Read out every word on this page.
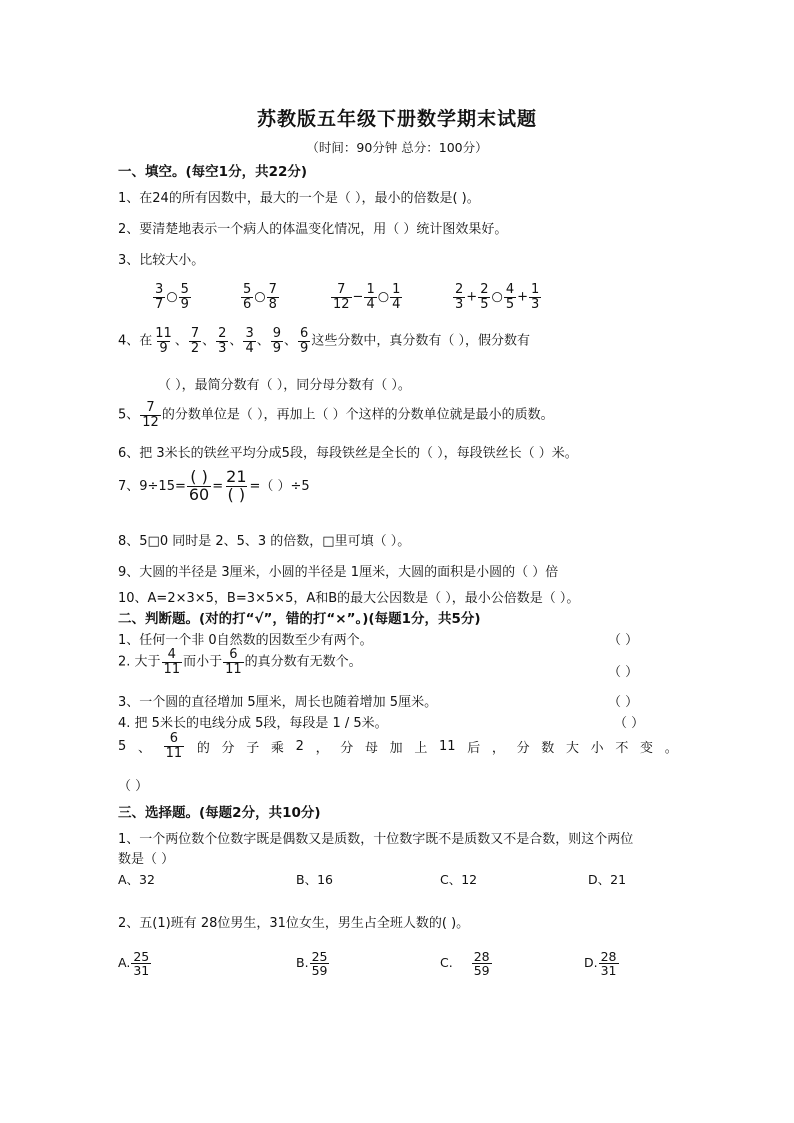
苏教版五年级下册数学期末试题
（时间：90分钟 总分：100分）
一、填空。(每空1分，共22分)
1、在24的所有因数中，最大的一个是（ ），最小的倍数是( )。
2、要清楚地表示一个病人的体温变化情况，用（ ）统计图效果好。
3、比较大小。
$\frac{3}{7}$ ○ $\frac{5}{9}$	$\frac{5}{6}$ ○ $\frac{7}{8}$	$\frac{7}{12} - \frac{1}{4}$ ○ $\frac{1}{4}$	$\frac{2}{3} + \frac{2}{5}$ ○ $\frac{4}{5} + \frac{1}{3}$
4、在 $\frac{11}{9}$ 、 $\frac{7}{2}$ 、 $\frac{2}{3}$ 、 $\frac{3}{4}$ 、 $\frac{9}{9}$ 、 $\frac{6}{9}$ 这些分数中，真分数有（ ），假分数有
（ ），最简分数有（ ），同分母分数有（ ）。
5、 $\frac{7}{12}$ 的分数单位是（ ），再加上（ ）个这样的分数单位就是最小的质数。
6、把 3米长的铁丝平均分成5段，每段铁丝是全长的（ ），每段铁丝长（ ）米。
7、$9\div 15= \frac{( )}{60} = \frac{21}{( )}$ =（ ）÷5
8、5□0 同时是 2、5、3 的倍数，□里可填（ ）。
9、大圆的半径是 3厘米，小圆的半径是 1厘米，大圆的面积是小圆的（ ）倍
10、A=2×3×5，B=3×5×5，A和B的最大公因数是（ ），最小公倍数是（ ）。
二、判断题。(对的打“√”，错的打“×”。)(每题1分，共5分)
1、任何一个非 0自然数的因数至少有两个。	（ ）
2. 大于 $\frac{4}{11}$ 而小于 $\frac{6}{11}$ 的真分数有无数个。
（ ）
3、一个圆的直径增加 5厘米，周长也随着增加 5厘米。	（ ）
4. 把 5米长的电线分成 5段，每段是 1 / 5米。	（ ）
5 、 $\frac{6}{11}$ 的 分 子 乘 2 ， 分 母 加 上 11 后 ， 分 数 大 小 不 变 。
（ ）
三、选择题。(每题2分，共10分)
1、一个两位数个位数字既是偶数又是质数，十位数字既不是质数又不是合数，则这个两位
数是（ ）
A、32	B、16	C、12	D、21
2、五(1)班有 28位男生，31位女生，男生占全班人数的( )。
A. $\frac{25}{31}$	B. $\frac{25}{59}$	C. $\frac{28}{59}$	D. $\frac{28}{31}$
